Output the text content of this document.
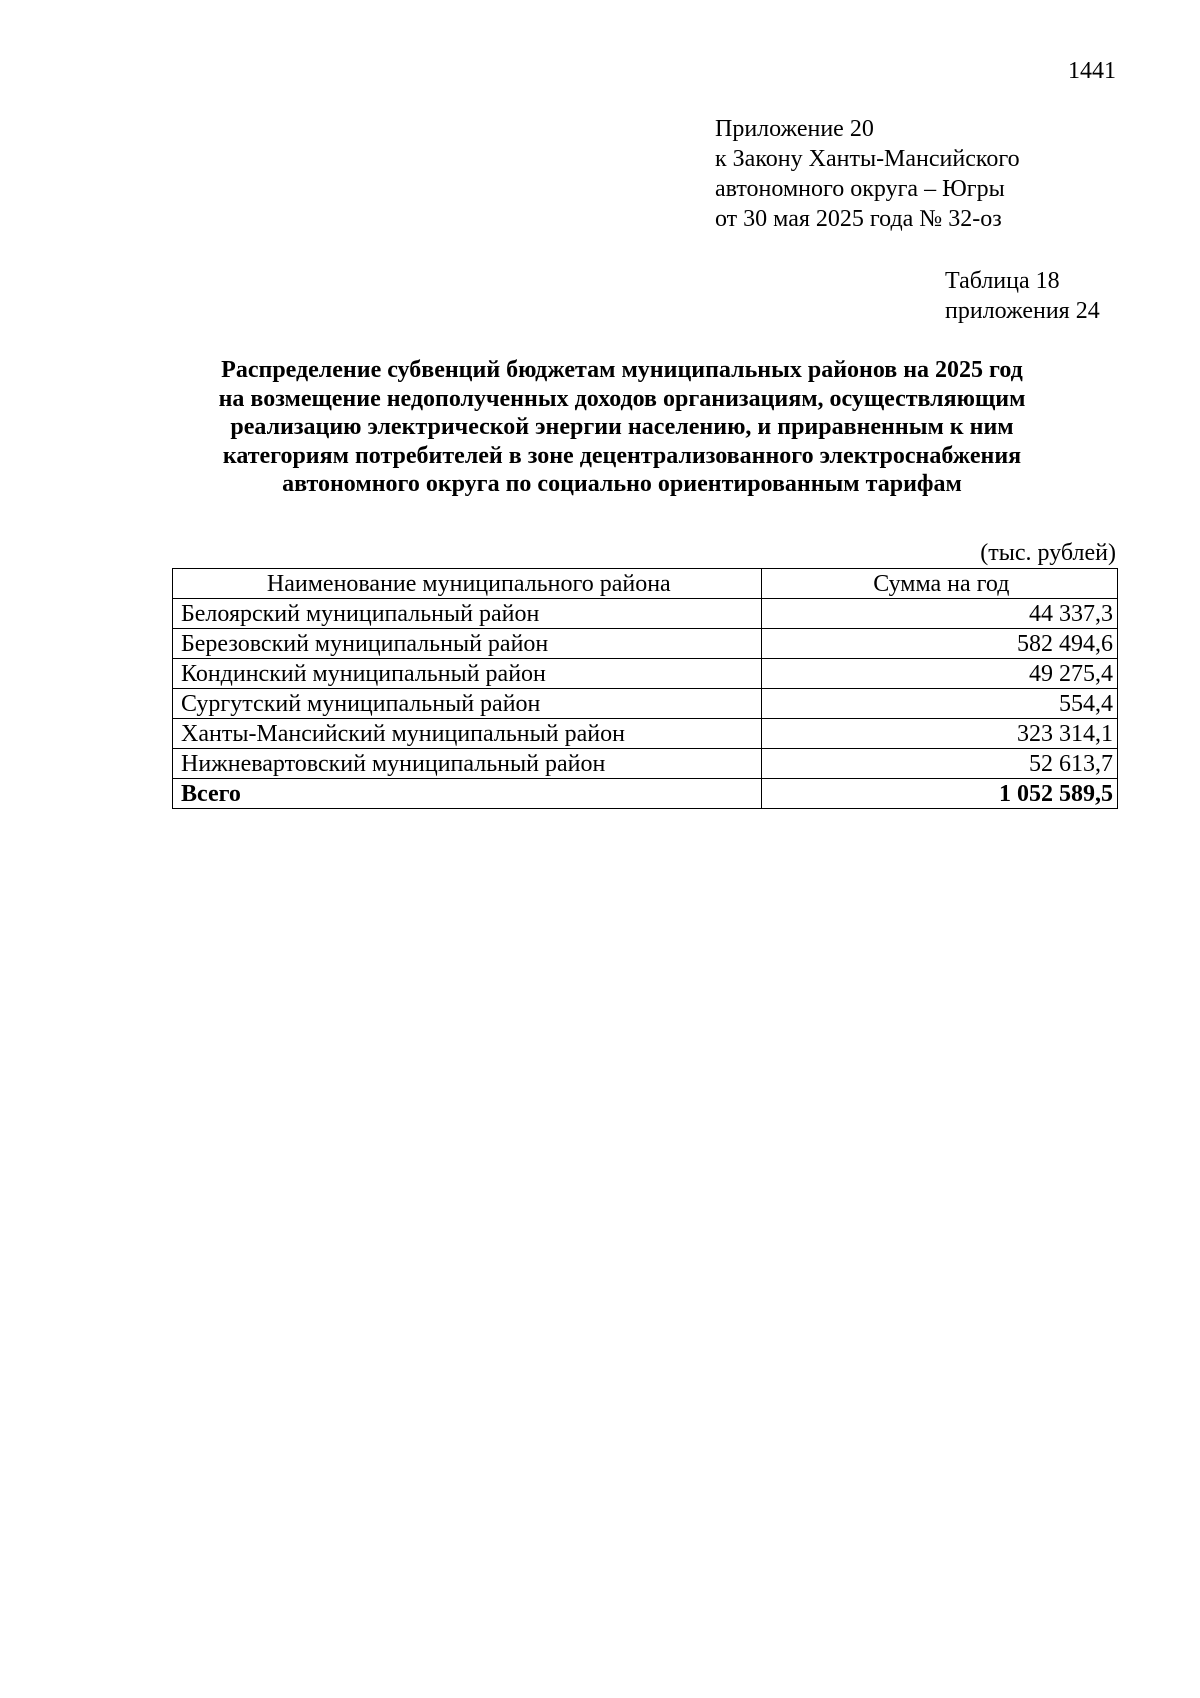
1441
Приложение 20
к Закону Ханты-Мансийского
автономного округа – Югры
от 30 мая 2025 года № 32-оз
Таблица 18
приложения 24
Распределение субвенций бюджетам муниципальных районов на 2025 год
на возмещение недополученных доходов организациям, осуществляющим
реализацию электрической энергии населению, и приравненным к ним
категориям потребителей в зоне децентрализованного электроснабжения
автономного округа по социально ориентированным тарифам
(тыс. рублей)
Наименование муниципального района	Сумма на год
Белоярский муниципальный район	44 337,3
Березовский муниципальный район	582 494,6
Кондинский муниципальный район	49 275,4
Сургутский муниципальный район	554,4
Ханты-Мансийский муниципальный район	323 314,1
Нижневартовский муниципальный район	52 613,7
Всего	1 052 589,5
